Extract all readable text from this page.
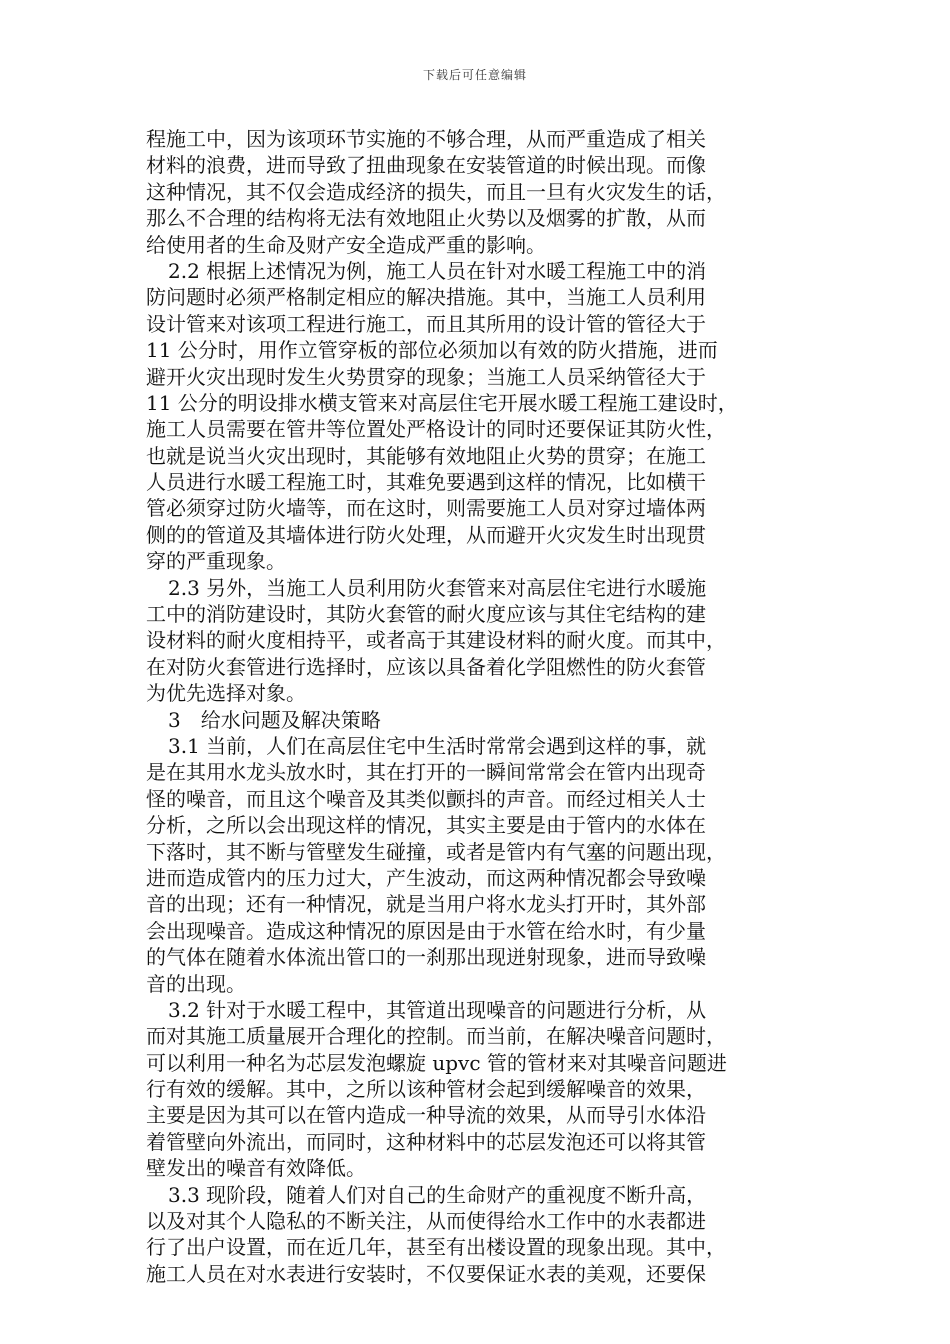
下载后可任意编辑
程施工中，因为该项环节实施的不够合理，从而严重造成了相关
材料的浪费，进而导致了扭曲现象在安装管道的时候出现。而像
这种情况，其不仅会造成经济的损失，而且一旦有火灾发生的话，
那么不合理的结构将无法有效地阻止火势以及烟雾的扩散，从而
给使用者的生命及财产安全造成严重的影响。
2.2 根据上述情况为例，施工人员在针对水暖工程施工中的消
防问题时必须严格制定相应的解决措施。其中，当施工人员利用
设计管来对该项工程进行施工，而且其所用的设计管的管径大于
11 公分时，用作立管穿板的部位必须加以有效的防火措施，进而
避开火灾出现时发生火势贯穿的现象；当施工人员采纳管径大于
11 公分的明设排水横支管来对高层住宅开展水暖工程施工建设时，
施工人员需要在管井等位置处严格设计的同时还要保证其防火性，
也就是说当火灾出现时，其能够有效地阻止火势的贯穿；在施工
人员进行水暖工程施工时，其难免要遇到这样的情况，比如横干
管必须穿过防火墙等，而在这时，则需要施工人员对穿过墙体两
侧的的管道及其墙体进行防火处理，从而避开火灾发生时出现贯
穿的严重现象。
2.3 另外，当施工人员利用防火套管来对高层住宅进行水暖施
工中的消防建设时，其防火套管的耐火度应该与其住宅结构的建
设材料的耐火度相持平，或者高于其建设材料的耐火度。而其中，
在对防火套管进行选择时，应该以具备着化学阻燃性的防火套管
为优先选择对象。
3　给水问题及解决策略
3.1 当前，人们在高层住宅中生活时常常会遇到这样的事，就
是在其用水龙头放水时，其在打开的一瞬间常常会在管内出现奇
怪的噪音，而且这个噪音及其类似颤抖的声音。而经过相关人士
分析，之所以会出现这样的情况，其实主要是由于管内的水体在
下落时，其不断与管壁发生碰撞，或者是管内有气塞的问题出现，
进而造成管内的压力过大，产生波动，而这两种情况都会导致噪
音的出现；还有一种情况，就是当用户将水龙头打开时，其外部
会出现噪音。造成这种情况的原因是由于水管在给水时，有少量
的气体在随着水体流出管口的一刹那出现迸射现象，进而导致噪
音的出现。
3.2 针对于水暖工程中，其管道出现噪音的问题进行分析，从
而对其施工质量展开合理化的控制。而当前，在解决噪音问题时，
可以利用一种名为芯层发泡螺旋 upvc 管的管材来对其噪音问题进
行有效的缓解。其中，之所以该种管材会起到缓解噪音的效果，
主要是因为其可以在管内造成一种导流的效果，从而导引水体沿
着管壁向外流出，而同时，这种材料中的芯层发泡还可以将其管
壁发出的噪音有效降低。
3.3 现阶段，随着人们对自己的生命财产的重视度不断升高，
以及对其个人隐私的不断关注，从而使得给水工作中的水表都进
行了出户设置，而在近几年，甚至有出楼设置的现象出现。其中，
施工人员在对水表进行安装时，不仅要保证水表的美观，还要保
